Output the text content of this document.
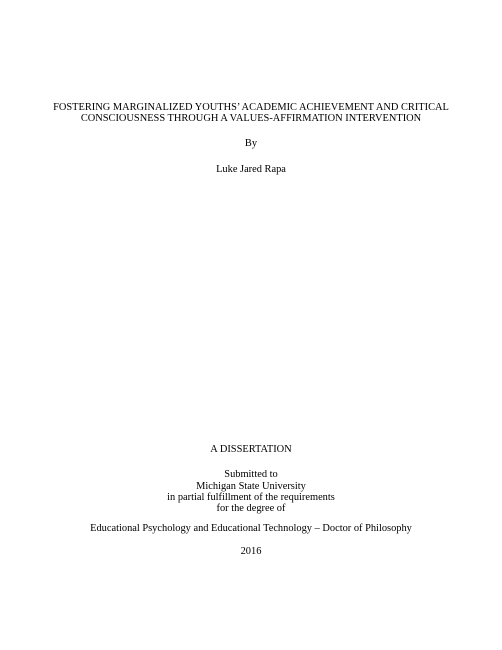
FOSTERING MARGINALIZED YOUTHS’ ACADEMIC ACHIEVEMENT AND CRITICAL
CONSCIOUSNESS THROUGH A VALUES-AFFIRMATION INTERVENTION
By
Luke Jared Rapa
A DISSERTATION
Submitted to
Michigan State University
in partial fulfillment of the requirements
for the degree of
Educational Psychology and Educational Technology – Doctor of Philosophy
2016
